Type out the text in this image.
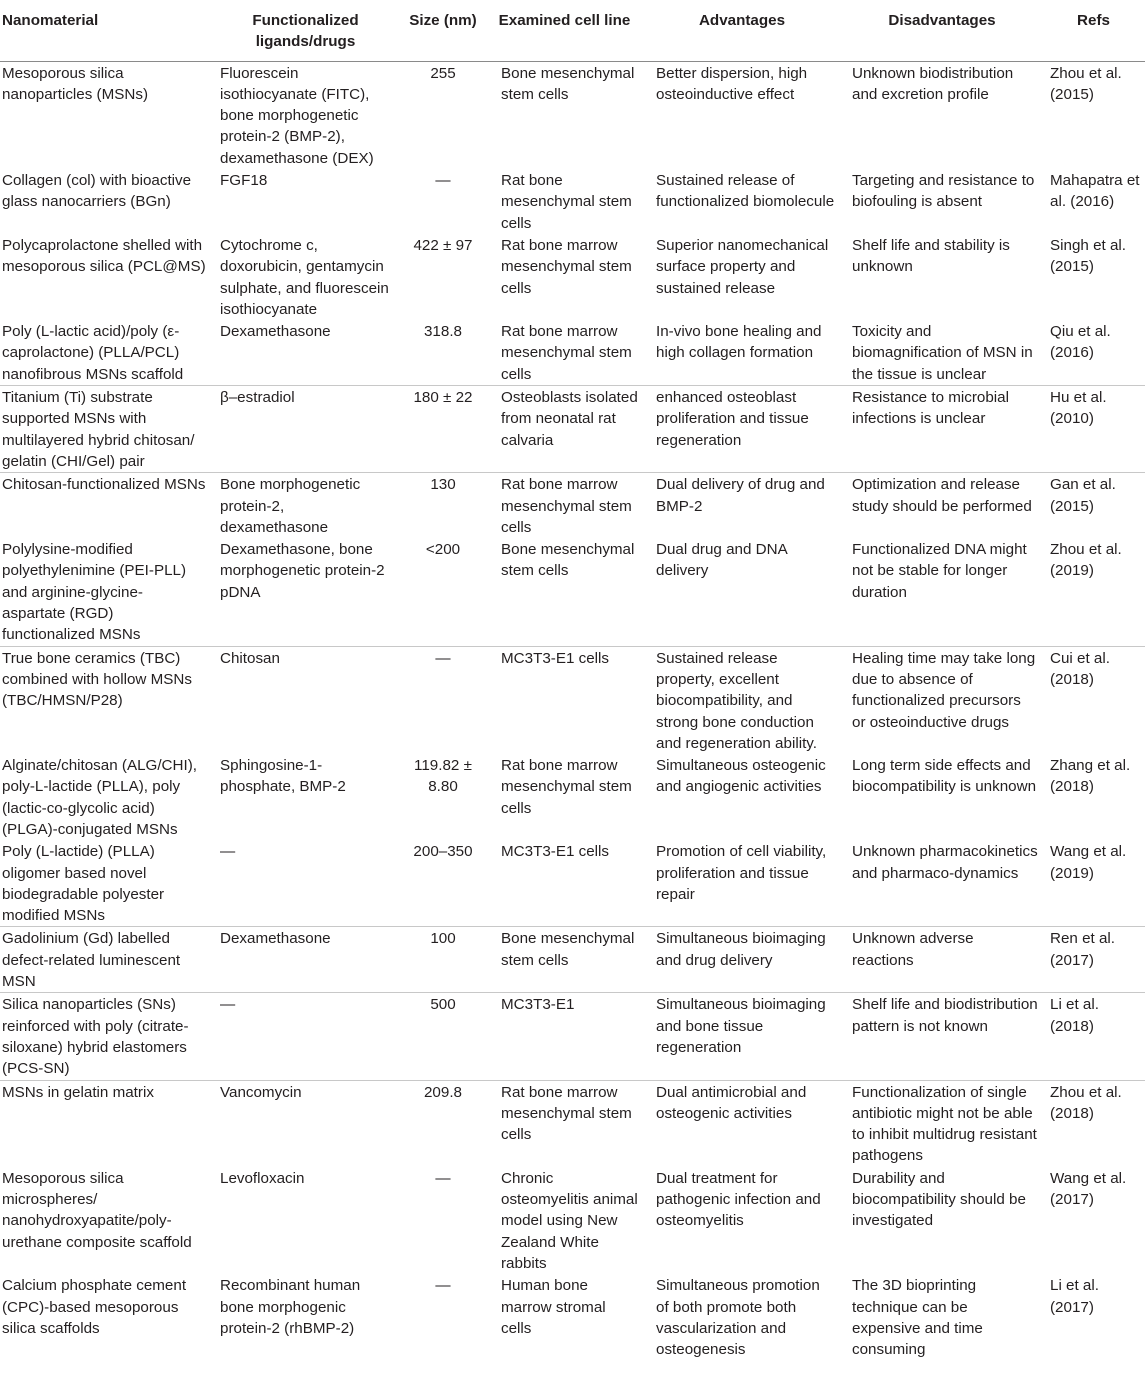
Nanomaterial	Functionalized ligands/drugs	Size (nm)	Examined cell line	Advantages	Disadvantages	Refs
Mesoporous silica nanoparticles (MSNs)	Fluorescein isothiocyanate (FITC), bone morphogenetic protein-2 (BMP-2), dexamethasone (DEX)	255	Bone mesenchymal stem cells	Better dispersion, high osteoinductive effect	Unknown biodistribution and excretion profile	Zhou et al. (2015)
Collagen (col) with bioactive glass nanocarriers (BGn)	FGF18	—	Rat bone mesenchymal stem cells	Sustained release of functionalized biomolecule	Targeting and resistance to biofouling is absent	Mahapatra et al. (2016)
Polycaprolactone shelled with mesoporous silica (PCL@MS)	Cytochrome c, doxorubicin, gentamycin sulphate, and fluorescein isothiocyanate	422 ± 97	Rat bone marrow mesenchymal stem cells	Superior nanomechanical surface property and sustained release	Shelf life and stability is unknown	Singh et al. (2015)
Poly (L-lactic acid)/poly (ε-caprolactone) (PLLA/PCL) nanofibrous MSNs scaffold	Dexamethasone	318.8	Rat bone marrow mesenchymal stem cells	In-vivo bone healing and high collagen formation	Toxicity and biomagnification of MSN in the tissue is unclear	Qiu et al. (2016)
Titanium (Ti) substrate supported MSNs with multilayered hybrid chitosan/ gelatin (CHI/Gel) pair	β–estradiol	180 ± 22	Osteoblasts isolated from neonatal rat calvaria	enhanced osteoblast proliferation and tissue regeneration	Resistance to microbial infections is unclear	Hu et al. (2010)
Chitosan-functionalized MSNs	Bone morphogenetic protein-2, dexamethasone	130	Rat bone marrow mesenchymal stem cells	Dual delivery of drug and BMP-2	Optimization and release study should be performed	Gan et al. (2015)
Polylysine-modified polyethylenimine (PEI-PLL) and arginine-glycine-aspartate (RGD) functionalized MSNs	Dexamethasone, bone morphogenetic protein-2 pDNA	<200	Bone mesenchymal stem cells	Dual drug and DNA delivery	Functionalized DNA might not be stable for longer duration	Zhou et al. (2019)
True bone ceramics (TBC) combined with hollow MSNs (TBC/HMSN/P28)	Chitosan	—	MC3T3-E1 cells	Sustained release property, excellent biocompatibility, and strong bone conduction and regeneration ability.	Healing time may take long due to absence of functionalized precursors or osteoinductive drugs	Cui et al. (2018)
Alginate/chitosan (ALG/CHI), poly-L-lactide (PLLA), poly (lactic-co-glycolic acid) (PLGA)-conjugated MSNs	Sphingosine-1-phosphate, BMP-2	119.82 ± 8.80	Rat bone marrow mesenchymal stem cells	Simultaneous osteogenic and angiogenic activities	Long term side effects and biocompatibility is unknown	Zhang et al. (2018)
Poly (L-lactide) (PLLA) oligomer based novel biodegradable polyester modified MSNs	—	200–350	MC3T3-E1 cells	Promotion of cell viability, proliferation and tissue repair	Unknown pharmacokinetics and pharmaco-dynamics	Wang et al. (2019)
Gadolinium (Gd) labelled defect-related luminescent MSN	Dexamethasone	100	Bone mesenchymal stem cells	Simultaneous bioimaging and drug delivery	Unknown adverse reactions	Ren et al. (2017)
Silica nanoparticles (SNs) reinforced with poly (citrate-siloxane) hybrid elastomers (PCS-SN)	—	500	MC3T3-E1	Simultaneous bioimaging and bone tissue regeneration	Shelf life and biodistribution pattern is not known	Li et al. (2018)
MSNs in gelatin matrix	Vancomycin	209.8	Rat bone marrow mesenchymal stem cells	Dual antimicrobial and osteogenic activities	Functionalization of single antibiotic might not be able to inhibit multidrug resistant pathogens	Zhou et al. (2018)
Mesoporous silica microspheres/ nanohydroxyapatite/poly-urethane composite scaffold	Levofloxacin	—	Chronic osteomyelitis animal model using New Zealand White rabbits	Dual treatment for pathogenic infection and osteomyelitis	Durability and biocompatibility should be investigated	Wang et al. (2017)
Calcium phosphate cement (CPC)-based mesoporous silica scaffolds	Recombinant human bone morphogenic protein-2 (rhBMP-2)	—	Human bone marrow stromal cells	Simultaneous promotion of both promote both vascularization and osteogenesis	The 3D bioprinting technique can be expensive and time consuming	Li et al. (2017)
